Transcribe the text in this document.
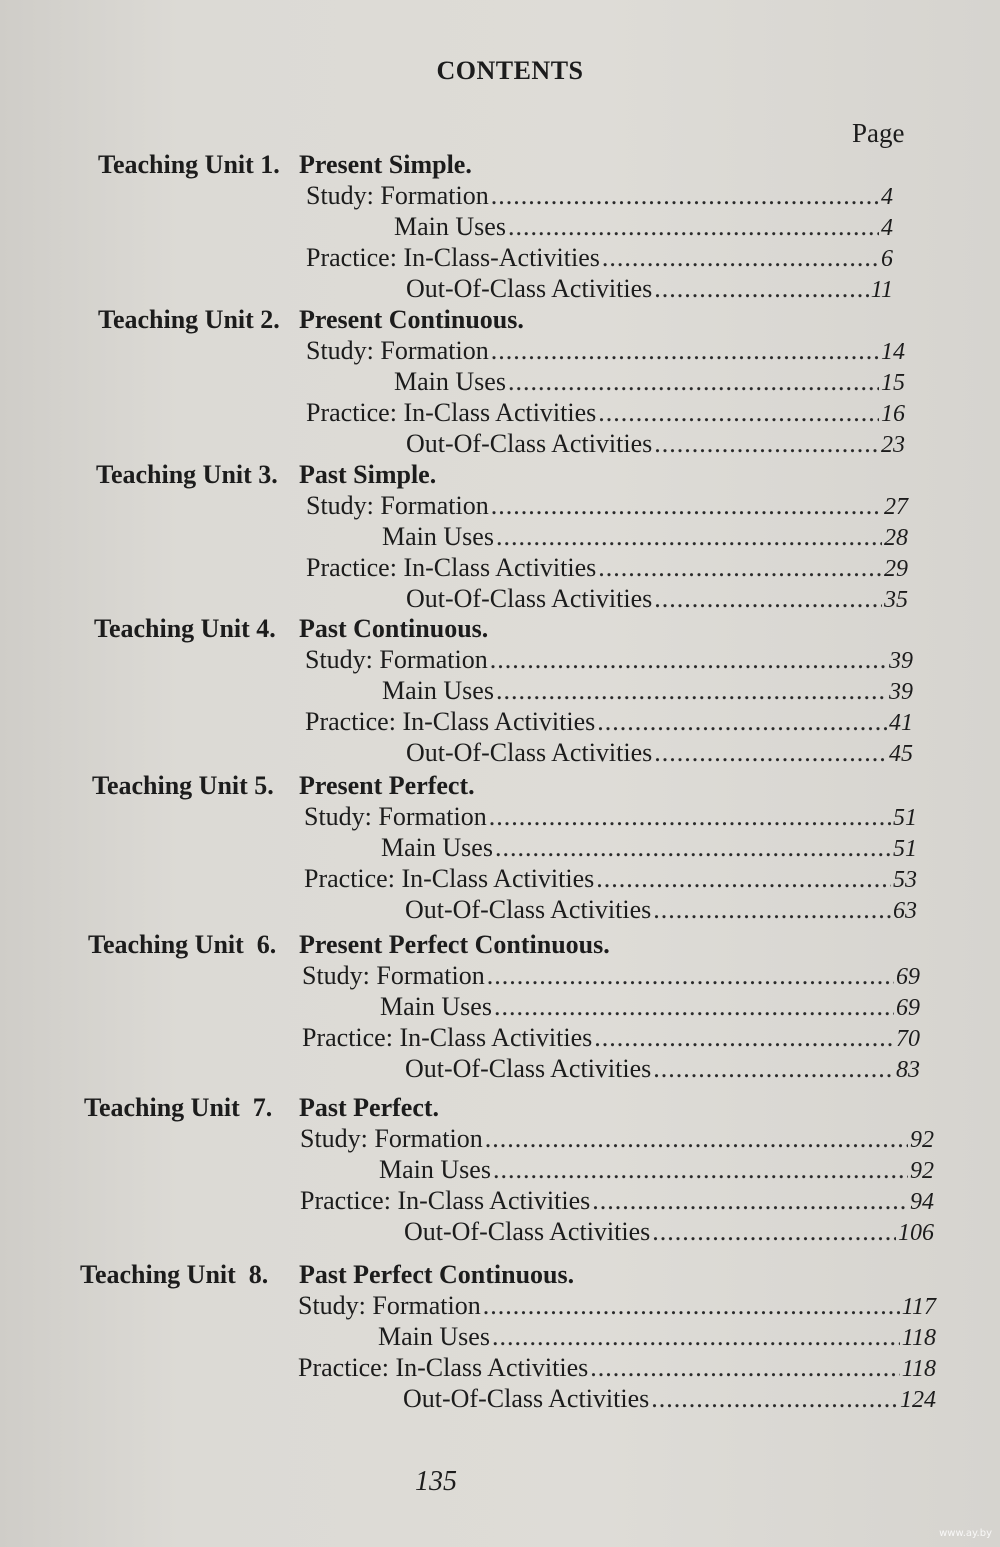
CONTENTS
Page
Teaching Unit 1. Present Simple.
Study: Formation .....	4
Main Uses .....	4
Practice: In-Class-Activities .....	6
Out-Of-Class Activities .....	11
Teaching Unit 2. Present Continuous.
Study: Formation .....	14
Main Uses .....	15
Practice: In-Class Activities .....	16
Out-Of-Class Activities .....	23
Teaching Unit 3. Past Simple.
Study: Formation .....	27
Main Uses .....	28
Practice: In-Class Activities .....	29
Out-Of-Class Activities .....	35
Teaching Unit 4. Past Continuous.
Study: Formation .....	39
Main Uses .....	39
Practice: In-Class Activities .....	41
Out-Of-Class Activities .....	45
Teaching Unit 5. Present Perfect.
Study: Formation .....	51
Main Uses .....	51
Practice: In-Class Activities .....	53
Out-Of-Class Activities .....	63
Teaching Unit  6. Present Perfect Continuous.
Study: Formation .....	69
Main Uses .....	69
Practice: In-Class Activities .....	70
Out-Of-Class Activities .....	83
Teaching Unit  7. Past Perfect.
Study: Formation .....	92
Main Uses .....	92
Practice: In-Class Activities .....	94
Out-Of-Class Activities .....	106
Teaching Unit  8. Past Perfect Continuous.
Study: Formation .....	117
Main Uses .....	118
Practice: In-Class Activities .....	118
Out-Of-Class Activities .....	124
135
www.ay.by
